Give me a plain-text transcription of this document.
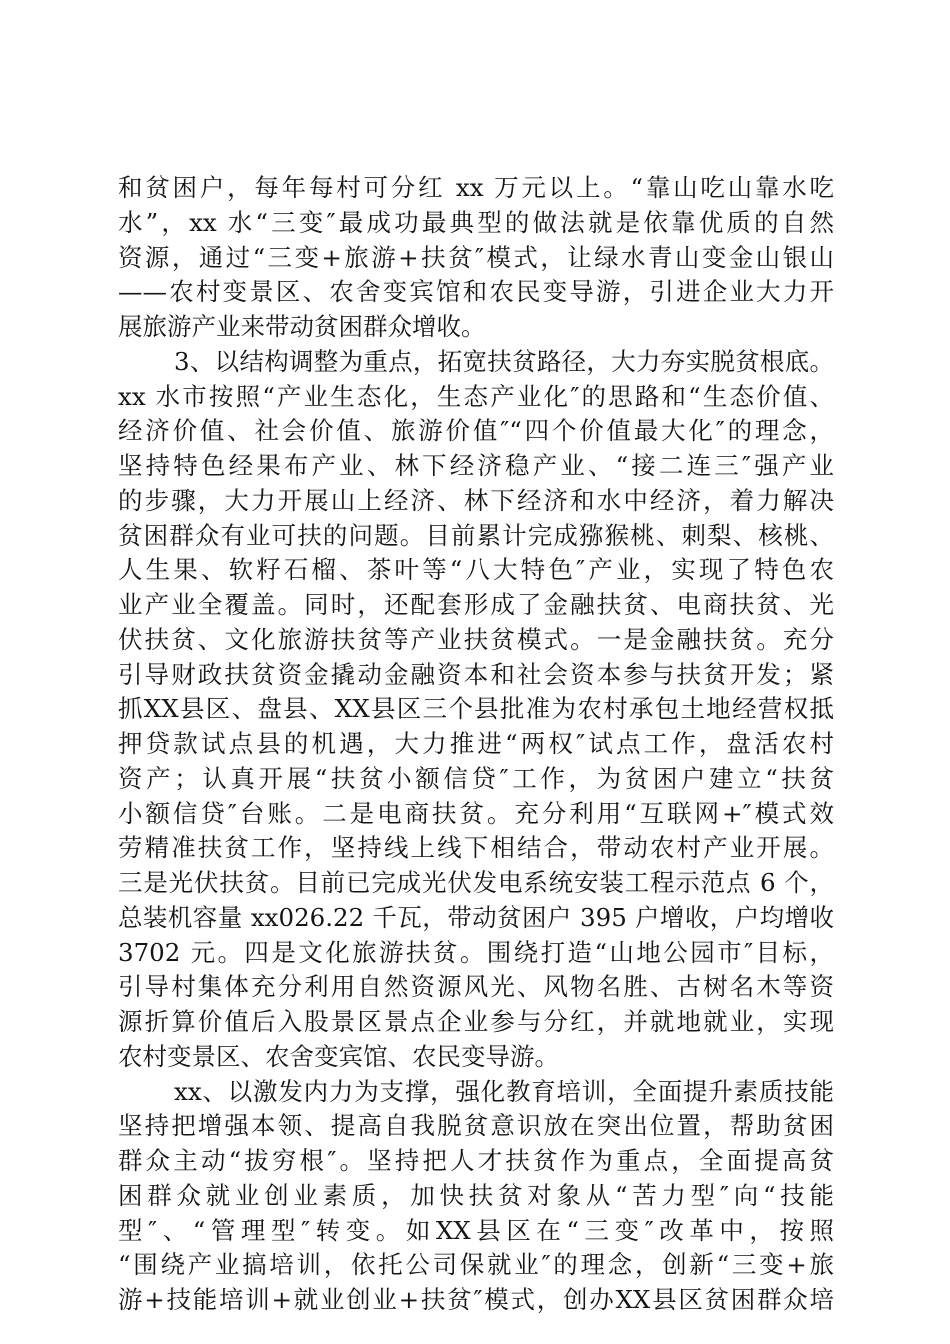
和贫困户，每年每村可分红 xx 万元以上。“靠山吃山靠水吃
水”，xx 水“三变″最成功最典型的做法就是依靠优质的自然
资源，通过“三变+旅游+扶贫″模式，让绿水青山变金山银山
——农村变景区、农舍变宾馆和农民变导游，引进企业大力开
展旅游产业来带动贫困群众增收。
3、以结构调整为重点，拓宽扶贫路径，大力夯实脱贫根底。
xx 水市按照“产业生态化，生态产业化″的思路和“生态价值、
经济价值、社会价值、旅游价值″“四个价值最大化″的理念，
坚持特色经果布产业、林下经济稳产业、“接二连三″强产业
的步骤，大力开展山上经济、林下经济和水中经济，着力解决
贫困群众有业可扶的问题。目前累计完成猕猴桃、刺梨、核桃、
人生果、软籽石榴、茶叶等“八大特色″产业，实现了特色农
业产业全覆盖。同时，还配套形成了金融扶贫、电商扶贫、光
伏扶贫、文化旅游扶贫等产业扶贫模式。一是金融扶贫。充分
引导财政扶贫资金撬动金融资本和社会资本参与扶贫开发；紧
抓XX县区、盘县、XX县区三个县批准为农村承包土地经营权抵
押贷款试点县的机遇，大力推进“两权″试点工作，盘活农村
资产；认真开展“扶贫小额信贷″工作，为贫困户建立“扶贫
小额信贷″台账。二是电商扶贫。充分利用“互联网+″模式效
劳精准扶贫工作，坚持线上线下相结合，带动农村产业开展。
三是光伏扶贫。目前已完成光伏发电系统安装工程示范点 6 个，
总装机容量 xx026.22 千瓦，带动贫困户 395 户增收，户均增收
3702 元。四是文化旅游扶贫。围绕打造“山地公园市″目标，
引导村集体充分利用自然资源风光、风物名胜、古树名木等资
源折算价值后入股景区景点企业参与分红，并就地就业，实现
农村变景区、农舍变宾馆、农民变导游。
xx、以激发内力为支撑，强化教育培训，全面提升素质技能
坚持把增强本领、提高自我脱贫意识放在突出位置，帮助贫困
群众主动“拔穷根″。坚持把人才扶贫作为重点，全面提高贫
困群众就业创业素质，加快扶贫对象从“苦力型″向“技能
型″、“管理型″转变。如XX县区在“三变″改革中，按照
“围绕产业搞培训，依托公司保就业″的理念，创新“三变+旅
游+技能培训+就业创业+扶贫″模式，创办XX县区贫困群众培
